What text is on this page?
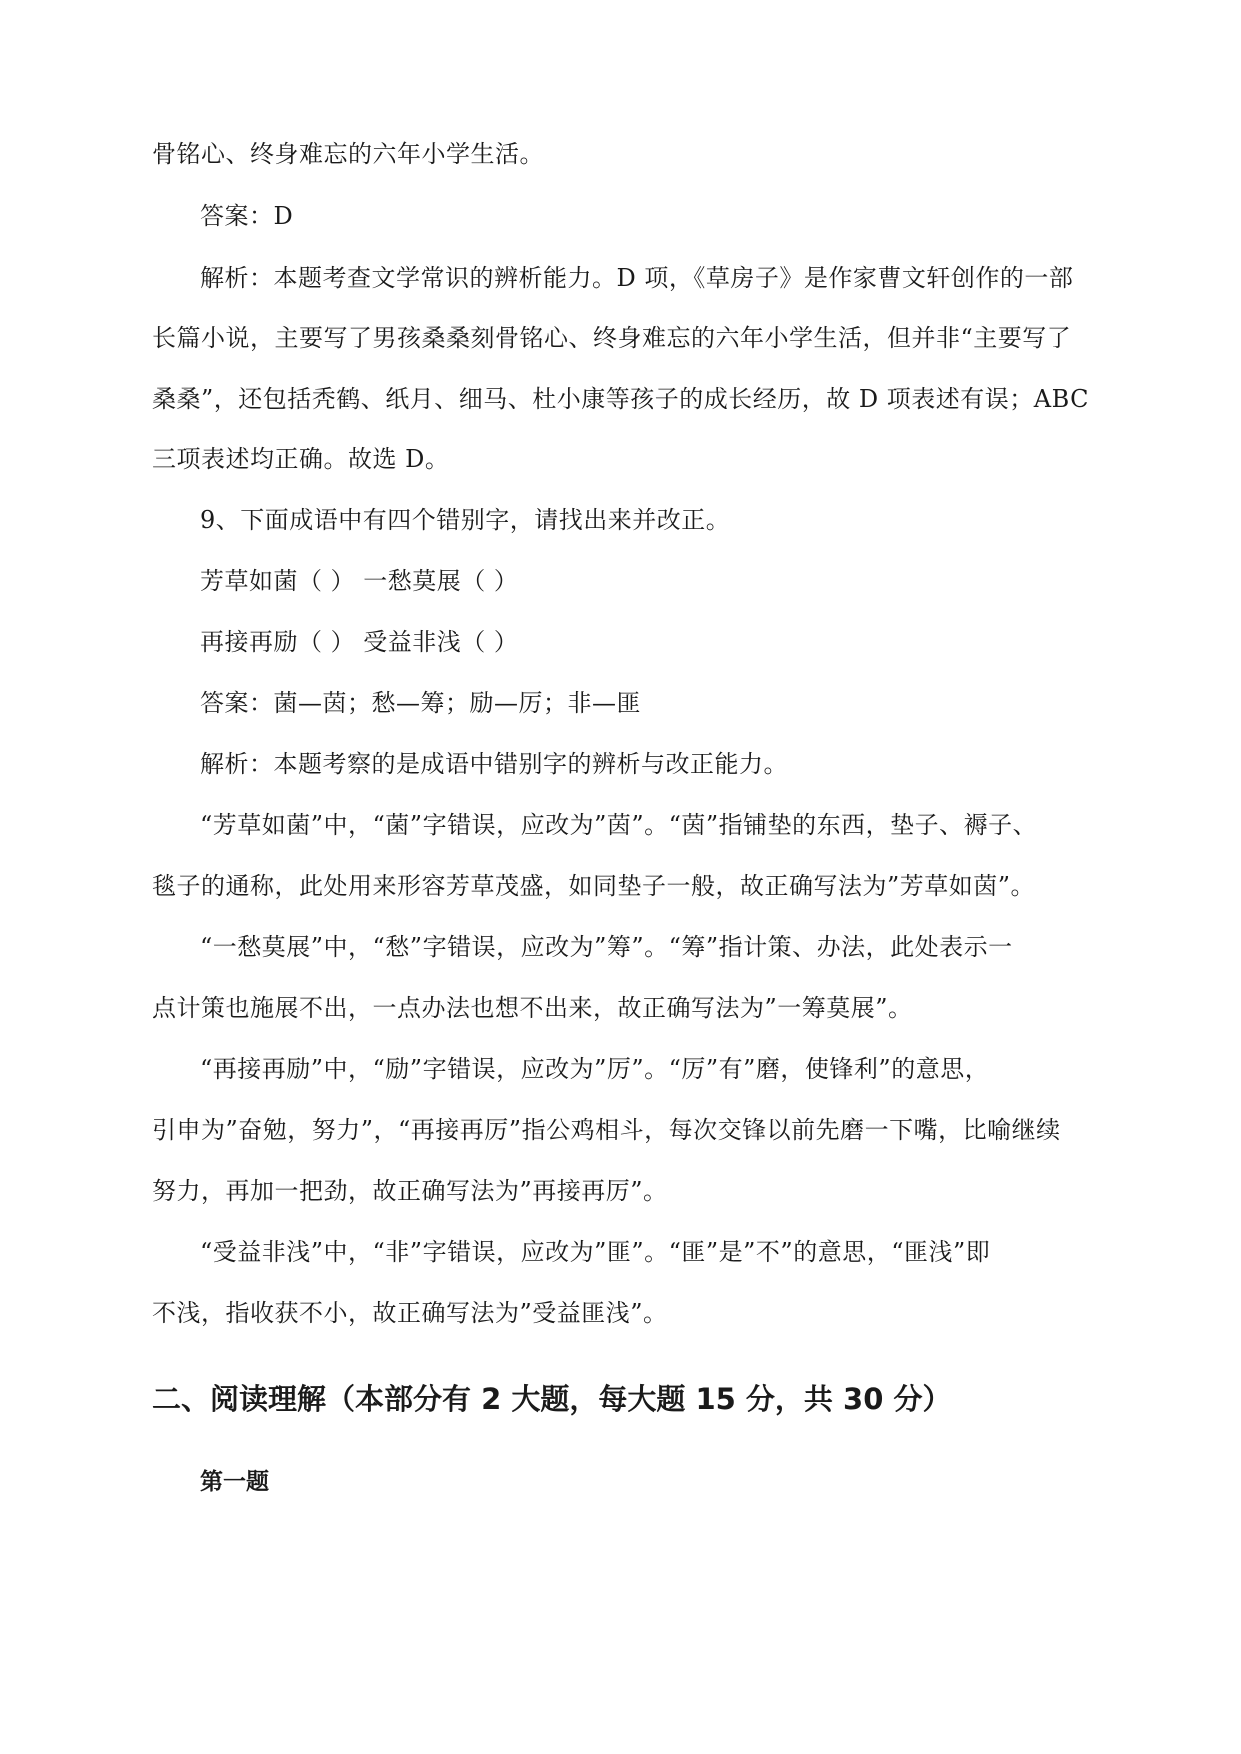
骨铭心、终身难忘的六年小学生活。
答案：D
解析：本题考查文学常识的辨析能力。D 项，《草房子》是作家曹文轩创作的一部
长篇小说，主要写了男孩桑桑刻骨铭心、终身难忘的六年小学生活，但并非“主要写了
桑桑”，还包括秃鹤、纸月、细马、杜小康等孩子的成长经历，故 D 项表述有误；ABC
三项表述均正确。故选 D。
9、下面成语中有四个错别字，请找出来并改正。
芳草如菌（ ） 一愁莫展（ ）
再接再励（ ） 受益非浅（ ）
答案：菌—茵；愁—筹；励—厉；非—匪
解析：本题考察的是成语中错别字的辨析与改正能力。
“芳草如菌”中，“菌”字错误，应改为”茵”。“茵”指铺垫的东西，垫子、褥子、
毯子的通称，此处用来形容芳草茂盛，如同垫子一般，故正确写法为”芳草如茵”。
“一愁莫展”中，“愁”字错误，应改为”筹”。“筹”指计策、办法，此处表示一
点计策也施展不出，一点办法也想不出来，故正确写法为”一筹莫展”。
“再接再励”中，“励”字错误，应改为”厉”。“厉”有”磨，使锋利”的意思，
引申为”奋勉，努力”，“再接再厉”指公鸡相斗，每次交锋以前先磨一下嘴，比喻继续
努力，再加一把劲，故正确写法为”再接再厉”。
“受益非浅”中，“非”字错误，应改为”匪”。“匪”是”不”的意思，“匪浅”即
不浅，指收获不小，故正确写法为”受益匪浅”。
二、阅读理解（本部分有 2 大题，每大题 15 分，共 30 分）
第一题
